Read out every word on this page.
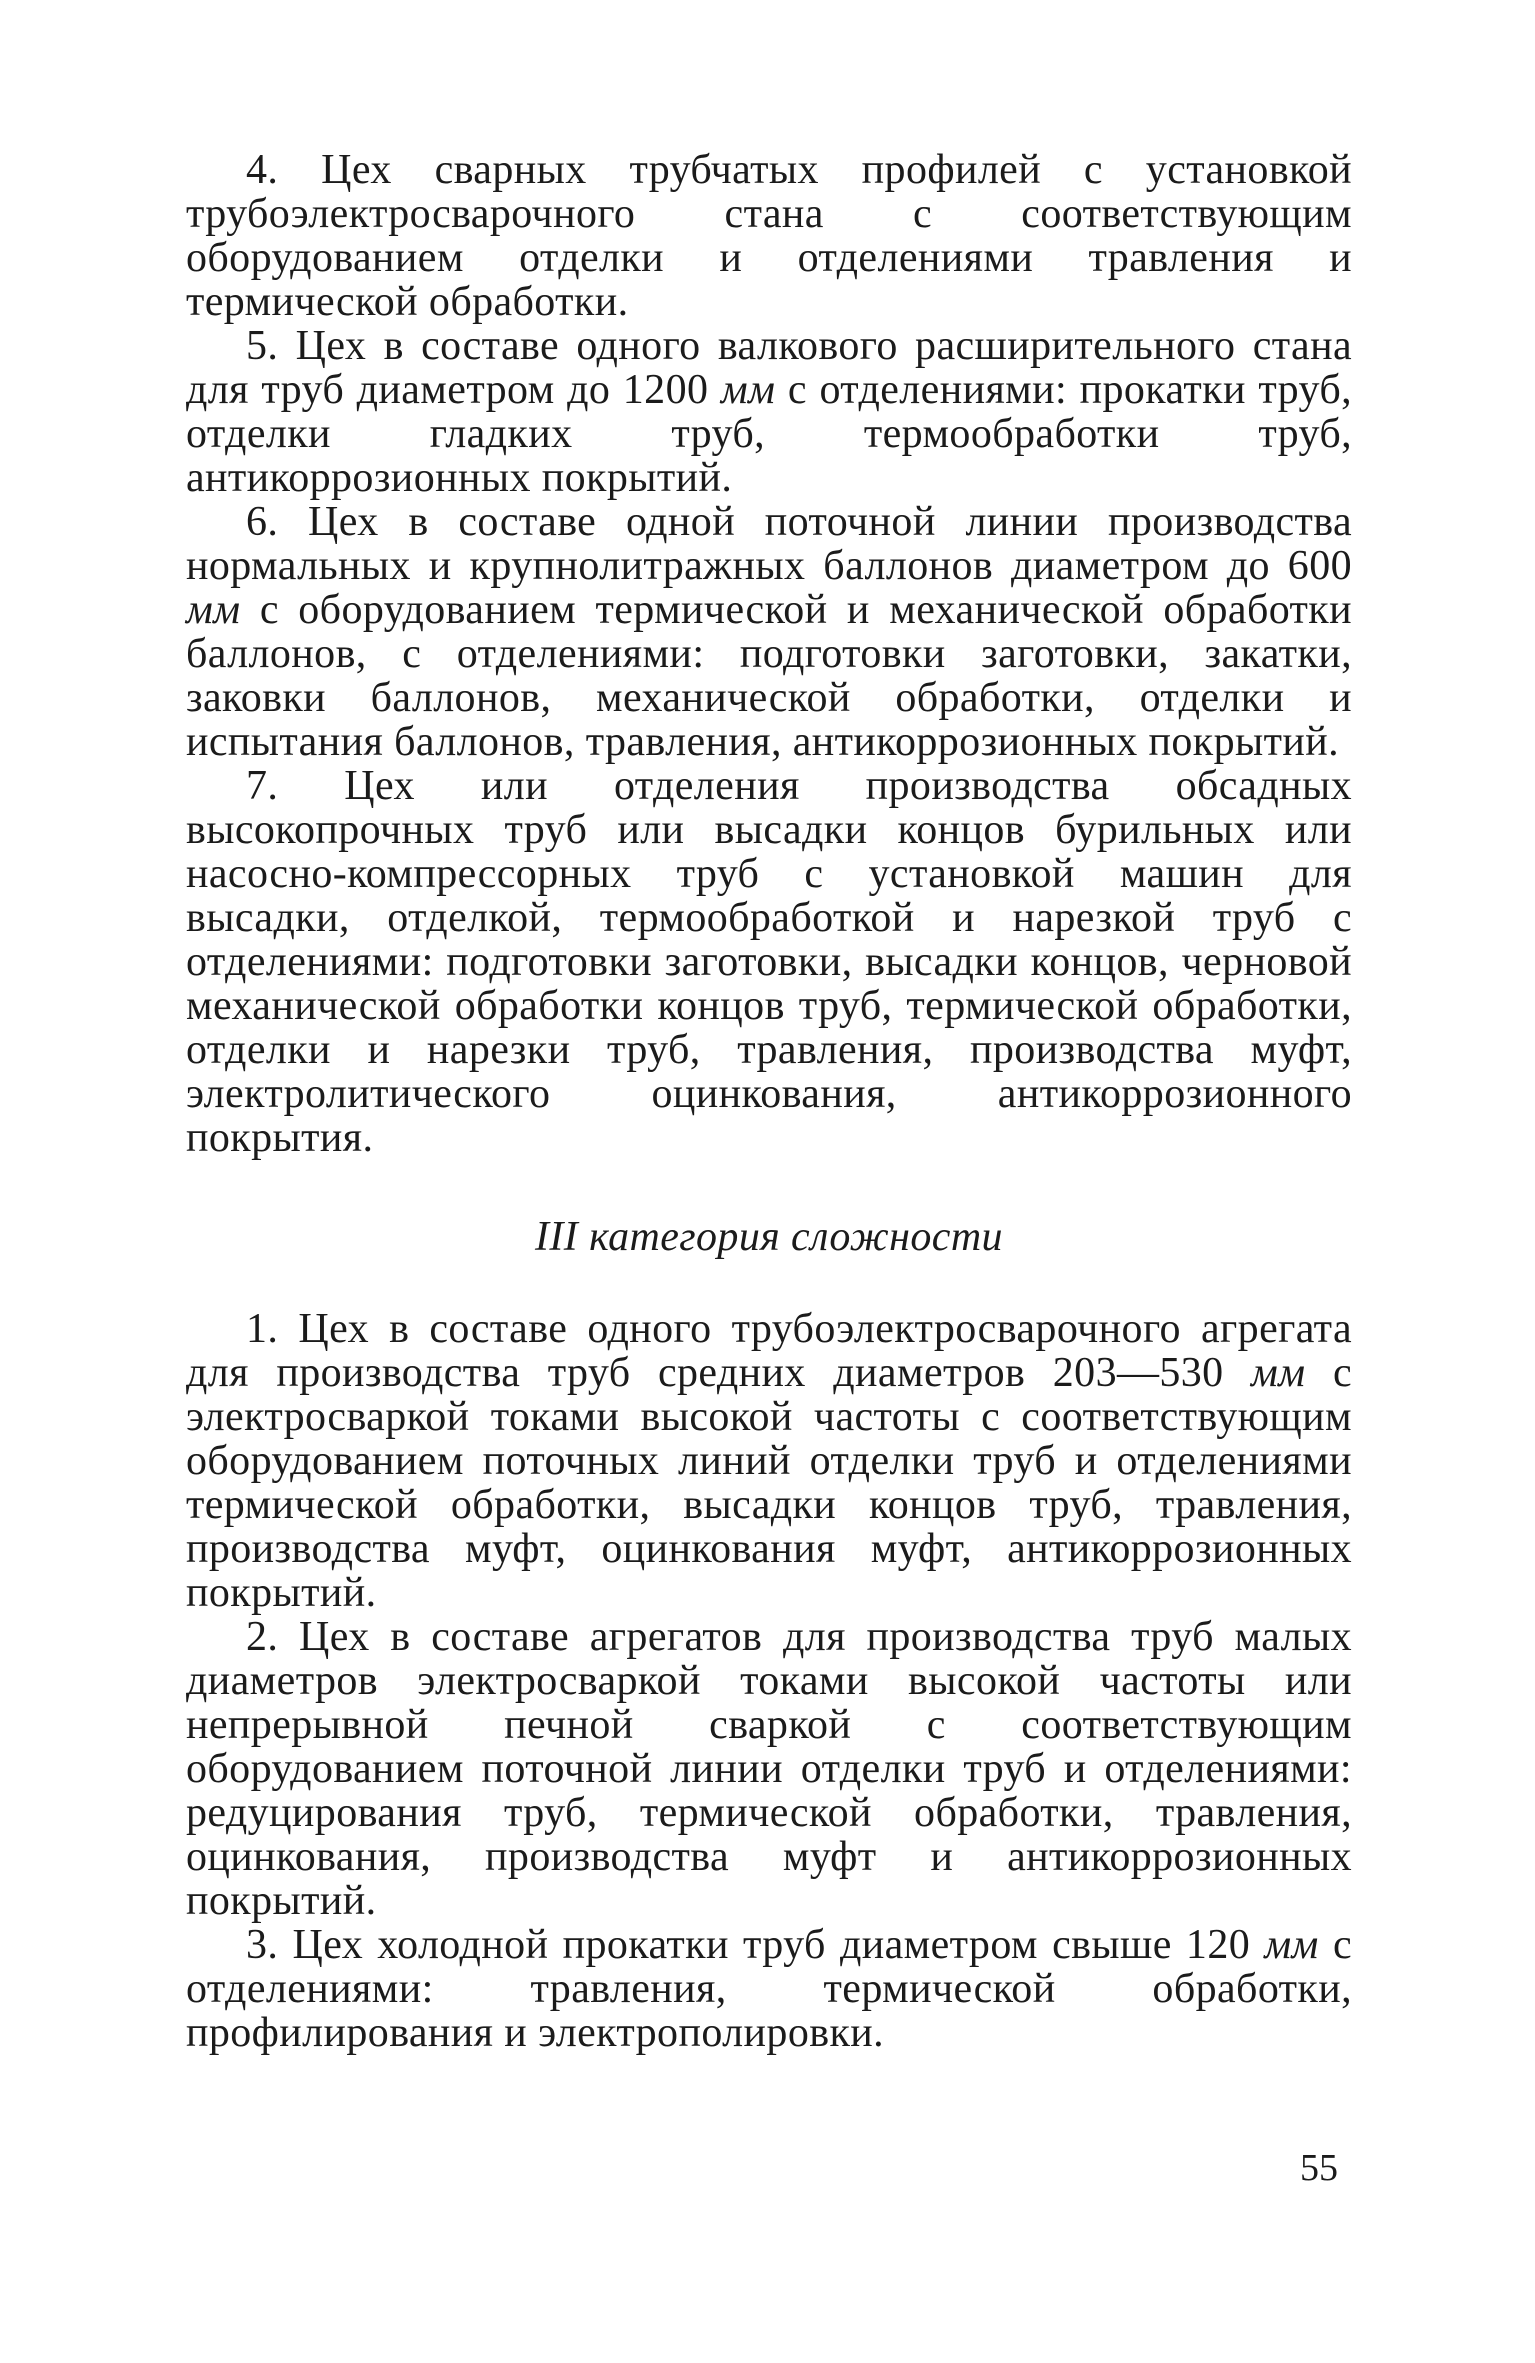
4. Цех сварных трубчатых профилей с установкой трубоэлектросварочного стана с соответствующим оборудованием отделки и отделениями травления и термической обработки.

5. Цех в составе одного валкового расширительного стана для труб диаметром до 1200 мм с отделениями: прокатки труб, отделки гладких труб, термообработки труб, антикоррозионных покрытий.

6. Цех в составе одной поточной линии производства нормальных и крупнолитражных баллонов диаметром до 600 мм с оборудованием термической и механической обработки баллонов, с отделениями: подготовки заготовки, закатки, заковки баллонов, механической обработки, отделки и испытания баллонов, травления, антикоррозионных покрытий.

7. Цех или отделения производства обсадных высокопрочных труб или высадки концов бурильных или насосно-компрессорных труб с установкой машин для высадки, отделкой, термообработкой и нарезкой труб с отделениями: подготовки заготовки, высадки концов, черновой механической обработки концов труб, термической обработки, отделки и нарезки труб, травления, производства муфт, электролитического оцинкования, антикоррозионного покрытия.

III категория сложности

1. Цех в составе одного трубоэлектросварочного агрегата для производства труб средних диаметров 203—530 мм с электросваркой токами высокой частоты с соответствующим оборудованием поточных линий отделки труб и отделениями термической обработки, высадки концов труб, травления, производства муфт, оцинкования муфт, антикоррозионных покрытий.

2. Цех в составе агрегатов для производства труб малых диаметров электросваркой токами высокой частоты или непрерывной печной сваркой с соответствующим оборудованием поточной линии отделки труб и отделениями: редуцирования труб, термической обработки, травления, оцинкования, производства муфт и антикоррозионных покрытий.

3. Цех холодной прокатки труб диаметром свыше 120 мм с отделениями: травления, термической обработки, профилирования и электрополировки.

55
